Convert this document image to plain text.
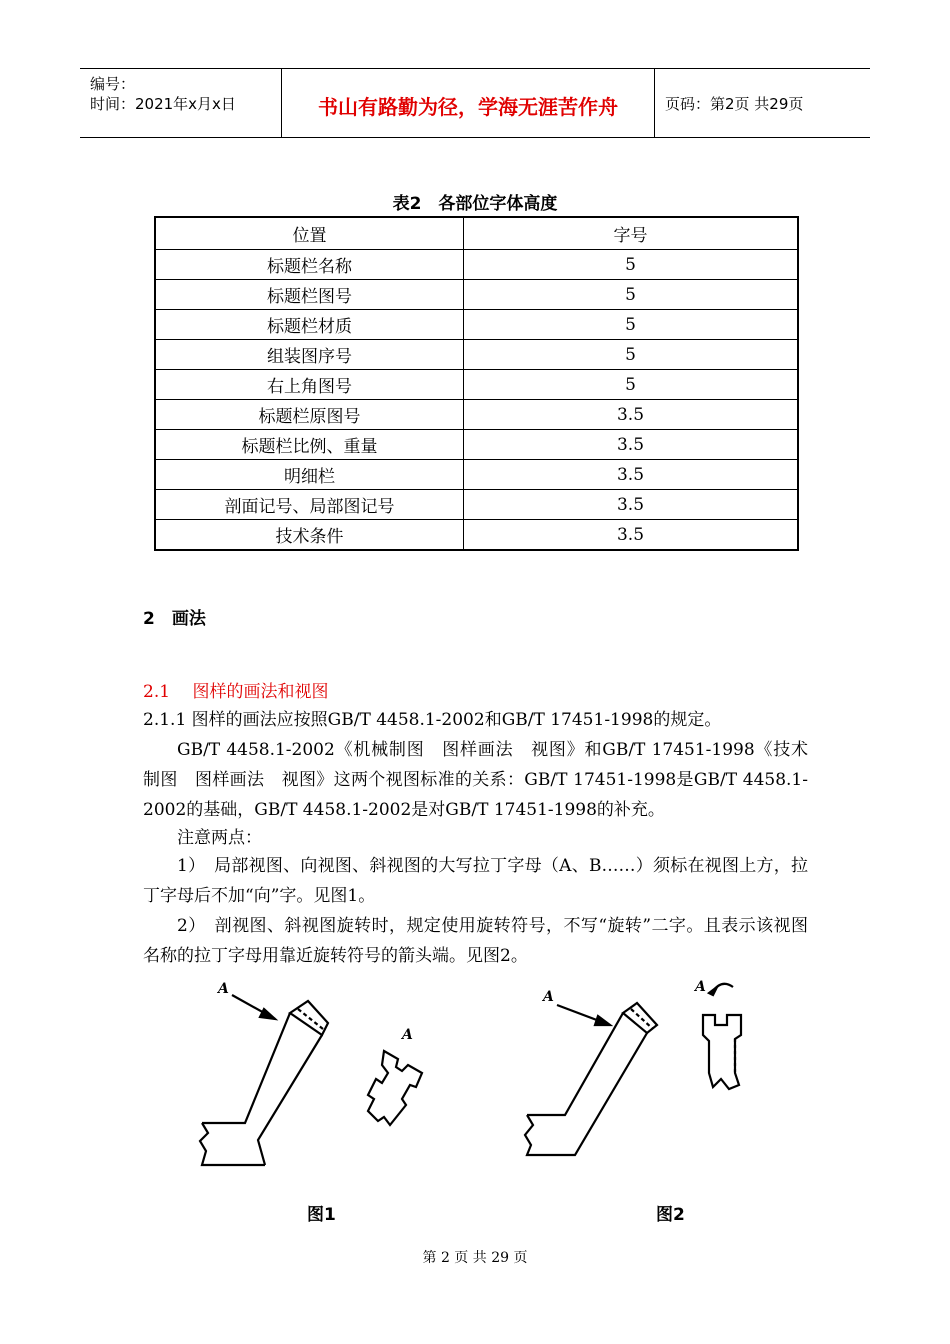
编号：
时间：2021年x月x日	书山有路勤为径，学海无涯苦作舟	页码：第2页 共29页
表2　各部位字体高度
位置	字号
标题栏名称	5
标题栏图号	5
标题栏材质	5
组装图序号	5
右上角图号	5
标题栏原图号	3.5
标题栏比例、重量	3.5
明细栏	3.5
剖面记号、局部图记号	3.5
技术条件	3.5
2　画法
2.1　 图样的画法和视图
2.1.1 图样的画法应按照GB/T 4458.1-2002和GB/T 17451-1998的规定。
GB/T 4458.1-2002《机械制图　图样画法　视图》和GB/T 17451-1998《技术制图　图样画法　视图》这两个视图标准的关系：GB/T 17451-1998是GB/T 4458.1-2002的基础，GB/T 4458.1-2002是对GB/T 17451-1998的补充。
注意两点：
1）　局部视图、向视图、斜视图的大写拉丁字母（A、B……）须标在视图上方，拉丁字母后不加“向”字。见图1。
2）　剖视图、斜视图旋转时，规定使用旋转符号，不写“旋转”二字。且表示该视图名称的拉丁字母用靠近旋转符号的箭头端。见图2。
A
A
图1
A
A
图2
第 2 页 共 29 页
